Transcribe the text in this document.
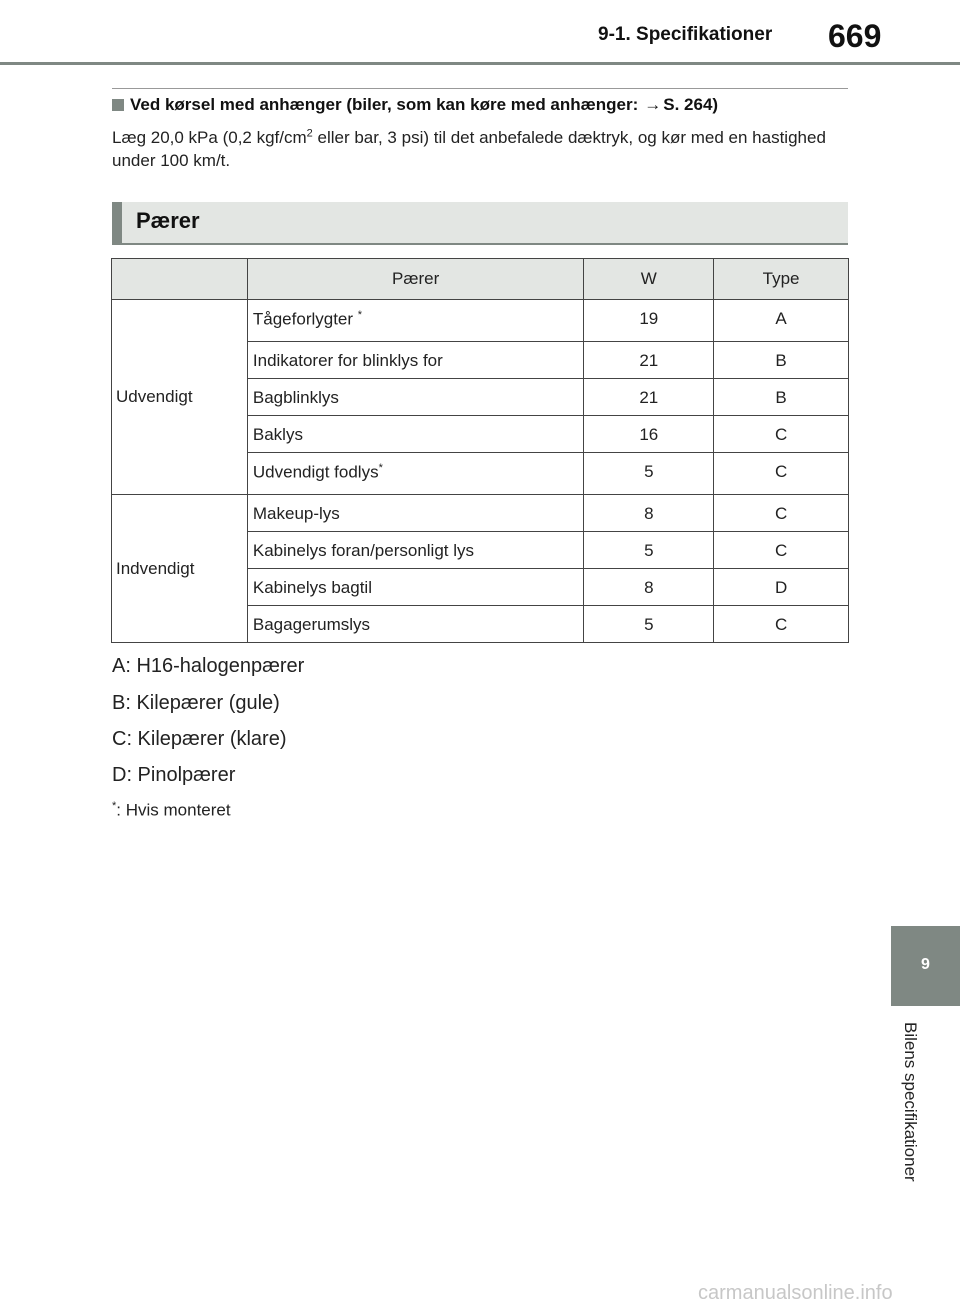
9-1. Specifikationer 669
Ved kørsel med anhænger (biler, som kan køre med anhænger: → S. 264)
Læg 20,0 kPa (0,2 kgf/$cm^2$ eller bar, 3 psi) til det anbefalede dæktryk, og kør med en hastighed under 100 km/t.
Pærer
	Pærer	W	Type
Udvendigt	Tågeforlygter *	19	A
	Indikatorer for blinklys for	21	B
	Bagblinklys	21	B
	Baklys	16	C
	Udvendigt fodlys*	5	C
Indvendigt	Makeup-lys	8	C
	Kabinelys foran/personligt lys	5	C
	Kabinelys bagtil	8	D
	Bagagerumslys	5	C
A: H16-halogenpærer
B: Kilepærer (gule)
C: Kilepærer (klare)
D: Pinolpærer
*: Hvis monteret
9
Bilens specifikationer
carmanualsonline.info
